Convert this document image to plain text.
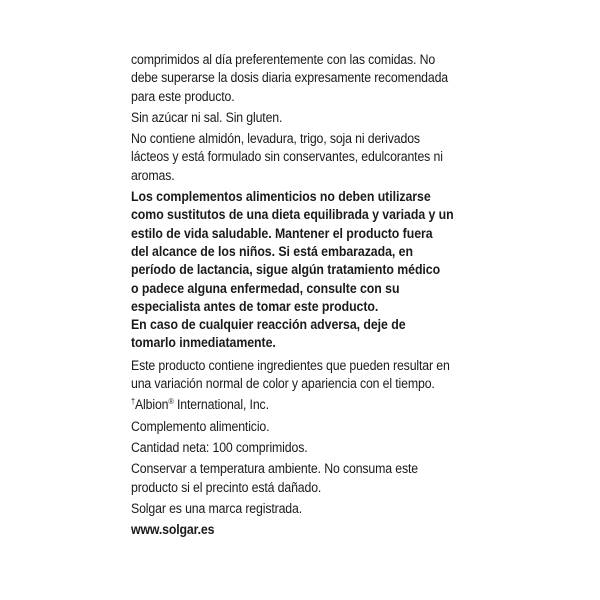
comprimidos al día preferentemente con las comidas. No
debe superarse la dosis diaria expresamente recomendada
para este producto.

Sin azúcar ni sal. Sin gluten.

No contiene almidón, levadura, trigo, soja ni derivados
lácteos y está formulado sin conservantes, edulcorantes ni
aromas.

Los complementos alimenticios no deben utilizarse
como sustitutos de una dieta equilibrada y variada y un
estilo de vida saludable. Mantener el producto fuera
del alcance de los niños. Si está embarazada, en
período de lactancia, sigue algún tratamiento médico
o padece alguna enfermedad, consulte con su
especialista antes de tomar este producto.

En caso de cualquier reacción adversa, deje de
tomarlo inmediatamente.

Este producto contiene ingredientes que pueden resultar en
una variación normal de color y apariencia con el tiempo.

†Albion® International, Inc.

Complemento alimenticio.

Cantidad neta: 100 comprimidos.

Conservar a temperatura ambiente. No consuma este
producto si el precinto está dañado.

Solgar es una marca registrada.

www.solgar.es
